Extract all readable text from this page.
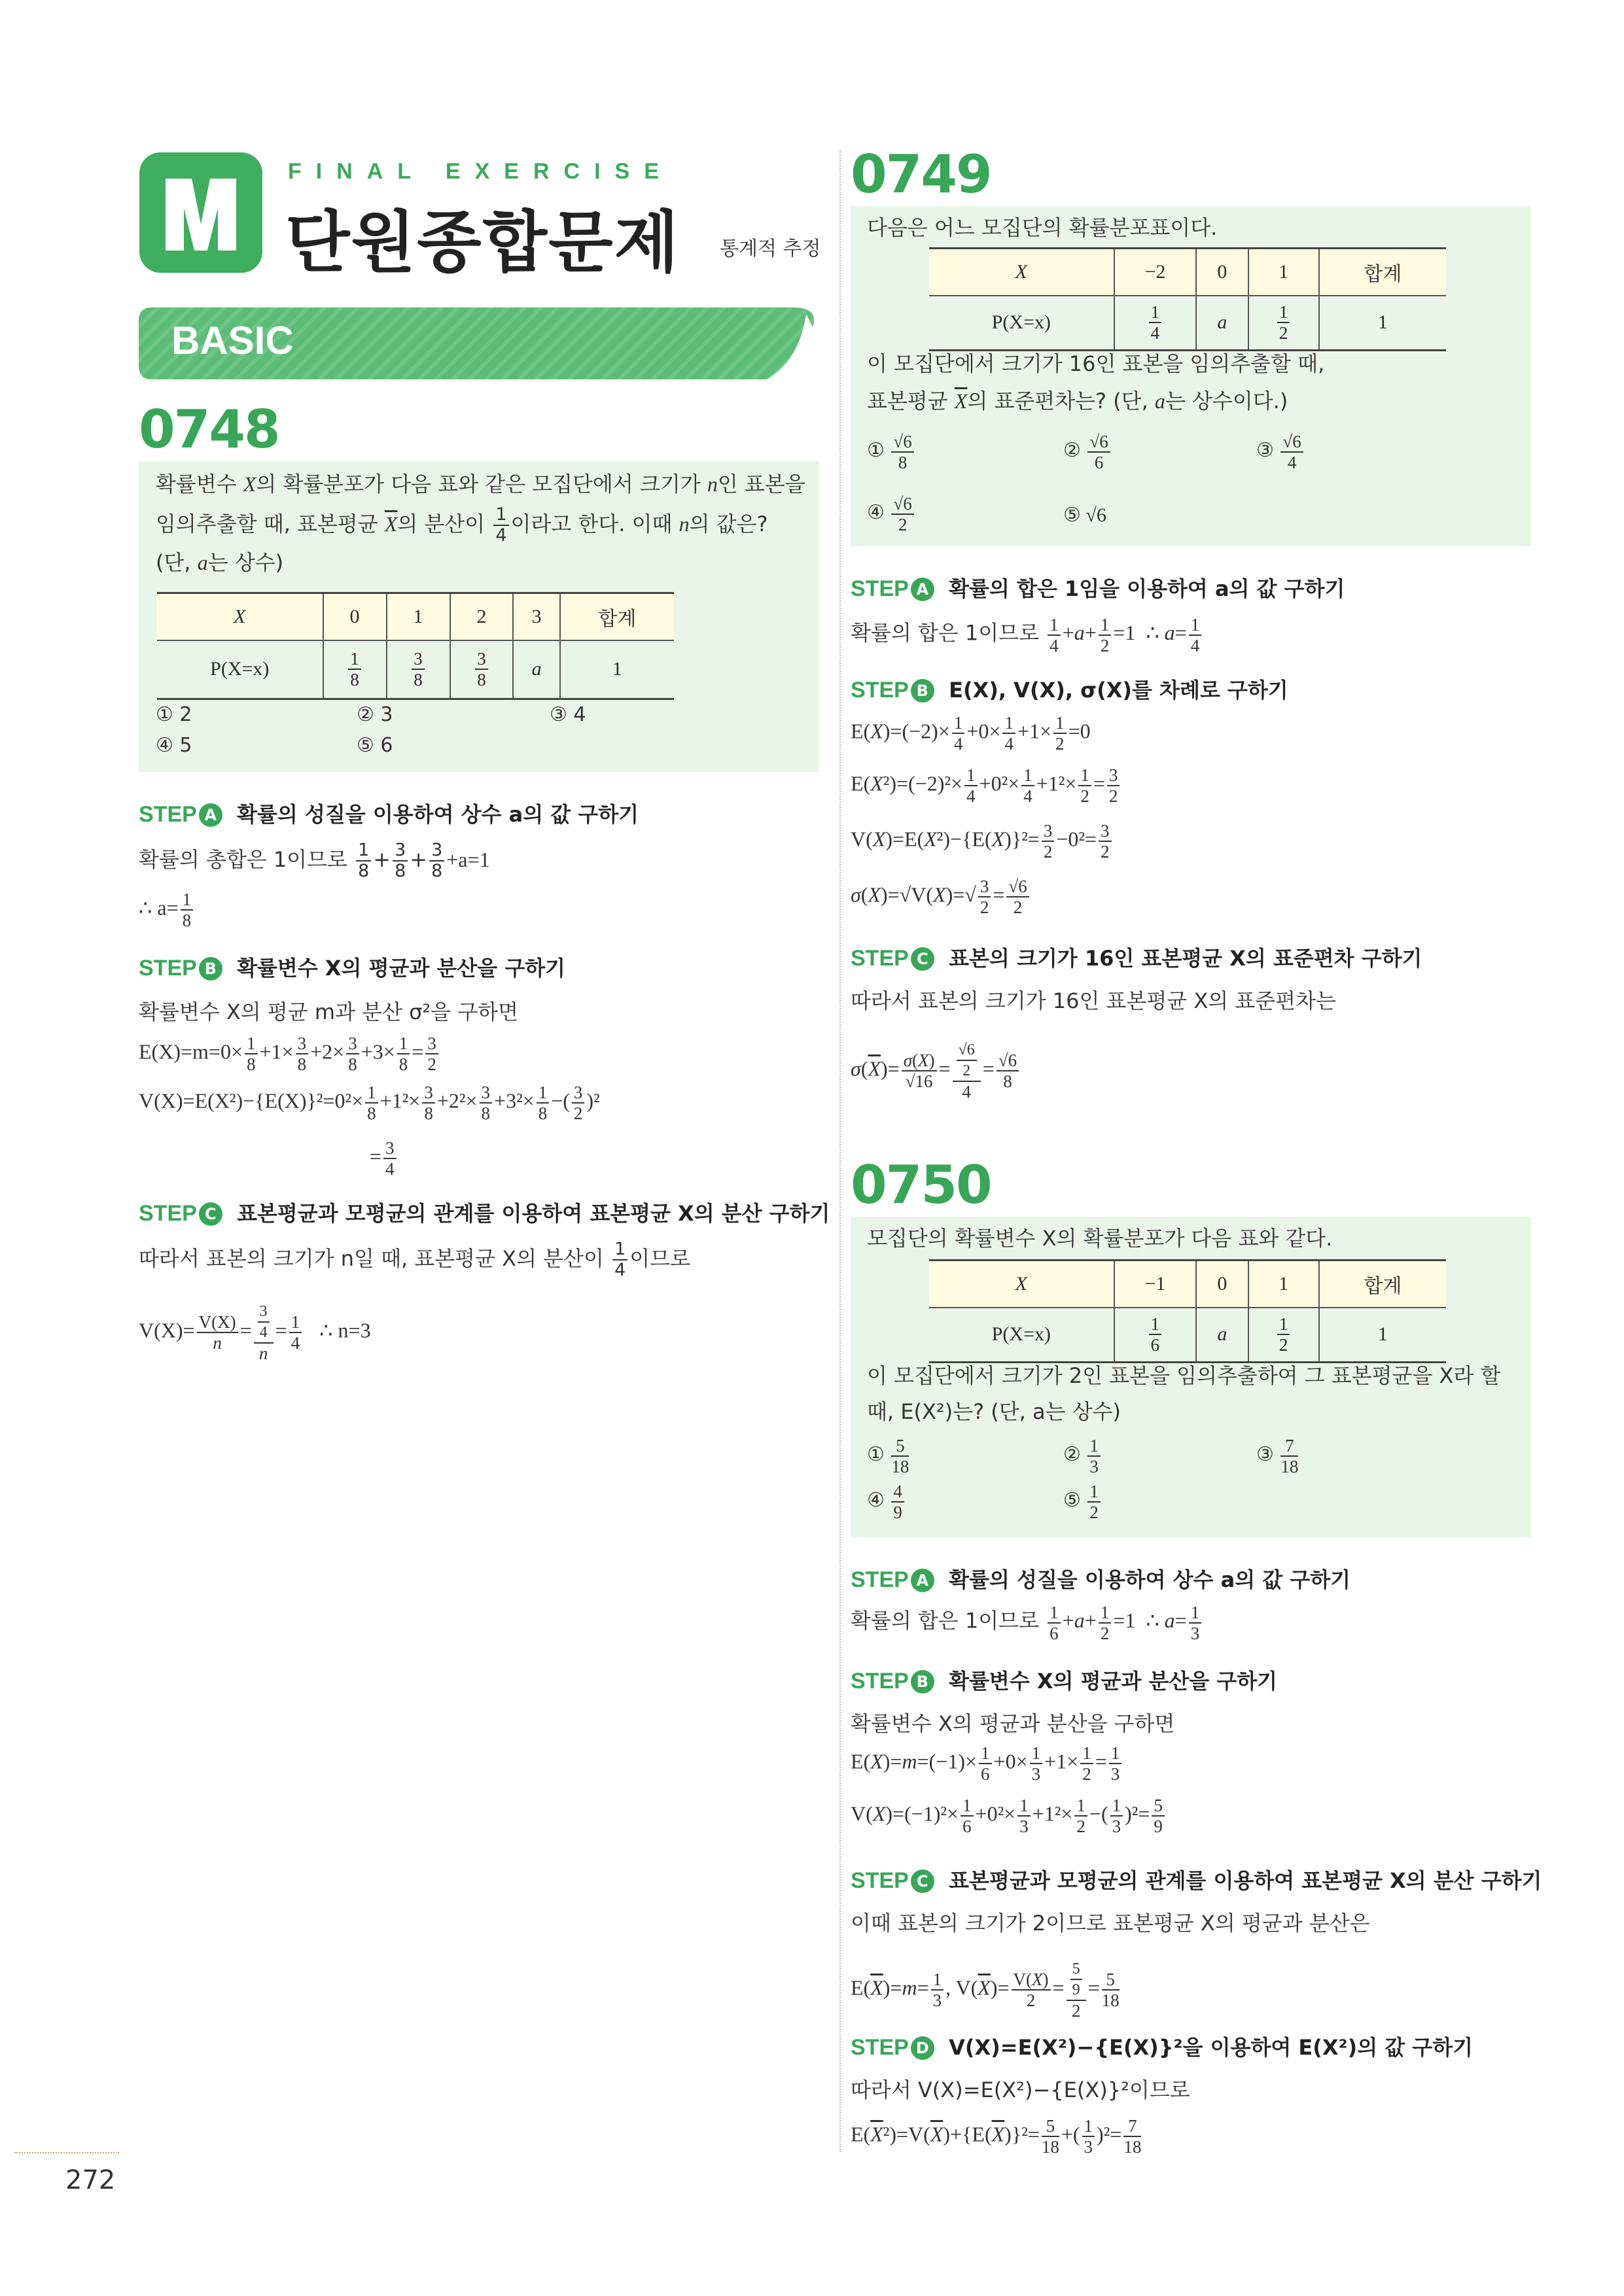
FINAL EXERCISE
단원종합문제 통계적 추정
BASIC
0748
확률변수 X의 확률분포가 다음 표와 같은 모집단에서 크기가 n인 표본을
임의추출할 때, 표본평균 $\overline{X}$의 분산이 $\frac{1}{4}$ 이라고 한다. 이때 n의 값은?
(단, a는 상수)
X	0	1	2	3	합계
P(X=x)	$\frac{1}{8}$	$\frac{3}{8}$	$\frac{3}{8}$	a	1
① 2	② 3	③ 4
④ 5	⑤ 6
STEP A 확률의 성질을 이용하여 상수 a의 값 구하기
확률의 총합은 1이므로 $\frac{1}{8} + \frac{3}{8} + \frac{3}{8} +a=1$
∴ $a= \frac{1}{8}$
STEP B 확률변수 X의 평균과 분산을 구하기
확률변수 X의 평균 m과 분산 σ²을 구하면
$E(X)=m=0\times \frac{1}{8} +1\times \frac{3}{8} +2\times \frac{3}{8} +3\times \frac{1}{8} = \frac{3}{2}$
$V(X)=E(X^2)-\{E(X)\}^2=0^2\times \frac{1}{8} +1^2\times \frac{3}{8} +2^2\times \frac{3}{8} +3^2\times \frac{1}{8}$ −( $\frac{3}{2} )^2$
= $\frac{3}{4}$
STEP C 표본평균과 모평균의 관계를 이용하여 표본평균 X의 분산 구하기
따라서 표본의 크기가 n일 때, 표본평균 X의 분산이 $\frac{1}{4}$ 이므로
$V(X)= \frac{V(X)}{n} = \frac{\frac{3}{4}}{n} = \frac{1}{4}$ ∴ n=3
0749
다음은 어느 모집단의 확률분포표이다.
X	−2	0	1	합계
P(X=x)	$\frac{1}{4}$	a	$\frac{1}{2}$	1
이 모집단에서 크기가 16인 표본을 임의추출할 때,
표본평균 $\overline{X}$의 표준편차는? (단, a는 상수이다.)
① $\frac{√6}{8}$	② $\frac{√6}{6}$	③ $\frac{√6}{4}$
④ $\frac{√6}{2}$	⑤ √6
STEP A 확률의 합은 1임을 이용하여 a의 값 구하기
확률의 합은 1이므로 $\frac{1}{4} +a+ \frac{1}{2} =1$  ∴ $a= \frac{1}{4}$
STEP B E(X), V(X), σ(X)를 차례로 구하기
$E(X)=(-2)\times \frac{1}{4} +0\times \frac{1}{4} +1\times \frac{1}{2} =0$
$E(X^2)=(-2)^2\times \frac{1}{4} +0^2\times \frac{1}{4} +1^2\times \frac{1}{2} = \frac{3}{2}$
$V(X)=E(X^2)-\{E(X)\}^2= \frac{3}{2} -0^2= \frac{3}{2}$
$\sigma(X)=√V(X)=√ \frac{3}{2} = \frac{√6}{2}$
STEP C 표본의 크기가 16인 표본평균 X의 표준편차 구하기
따라서 표본의 크기가 16인 표본평균 X의 표준편차는
$\sigma(\overline{X})= \frac{\sigma(X)}{√16} = \frac{\frac{√6}{2}}{4} = \frac{√6}{8}$
0750
모집단의 확률변수 X의 확률분포가 다음 표와 같다.
X	−1	0	1	합계
P(X=x)	$\frac{1}{6}$	a	$\frac{1}{2}$	1
이 모집단에서 크기가 2인 표본을 임의추출하여 그 표본평균을 X라 할
때, E(X²)는? (단, a는 상수)
① $\frac{5}{18}$	② $\frac{1}{3}$	③ $\frac{7}{18}$
④ $\frac{4}{9}$	⑤ $\frac{1}{2}$
STEP A 확률의 성질을 이용하여 상수 a의 값 구하기
확률의 합은 1이므로 $\frac{1}{6} +a+ \frac{1}{2} =1$  ∴ $a= \frac{1}{3}$
STEP B 확률변수 X의 평균과 분산을 구하기
확률변수 X의 평균과 분산을 구하면
$E(X)=m=(-1)\times \frac{1}{6} +0\times \frac{1}{3} +1\times \frac{1}{2} = \frac{1}{3}$
$V(X)=(-1)^2\times \frac{1}{6} +0^2\times \frac{1}{3} +1^2\times \frac{1}{2}$ −( $\frac{1}{3} )^2= \frac{5}{9}$
STEP C 표본평균과 모평균의 관계를 이용하여 표본평균 X의 분산 구하기
이때 표본의 크기가 2이므로 표본평균 X의 평균과 분산은
$E(\overline{X})=m= \frac{1}{3}$ , $V(\overline{X})= \frac{V(X)}{2} = \frac{\frac{5}{9}}{2} = \frac{5}{18}$
STEP D V(X)=E(X²)−{E(X)}²을 이용하여 E(X²)의 값 구하기
따라서 V(X)=E(X²)−{E(X)}²이므로
$E(\overline{X}^2)=V(\overline{X})+\{E(\overline{X})\}^2= \frac{5}{18}$ +( $\frac{1}{3} )^2= \frac{7}{18}$
272
